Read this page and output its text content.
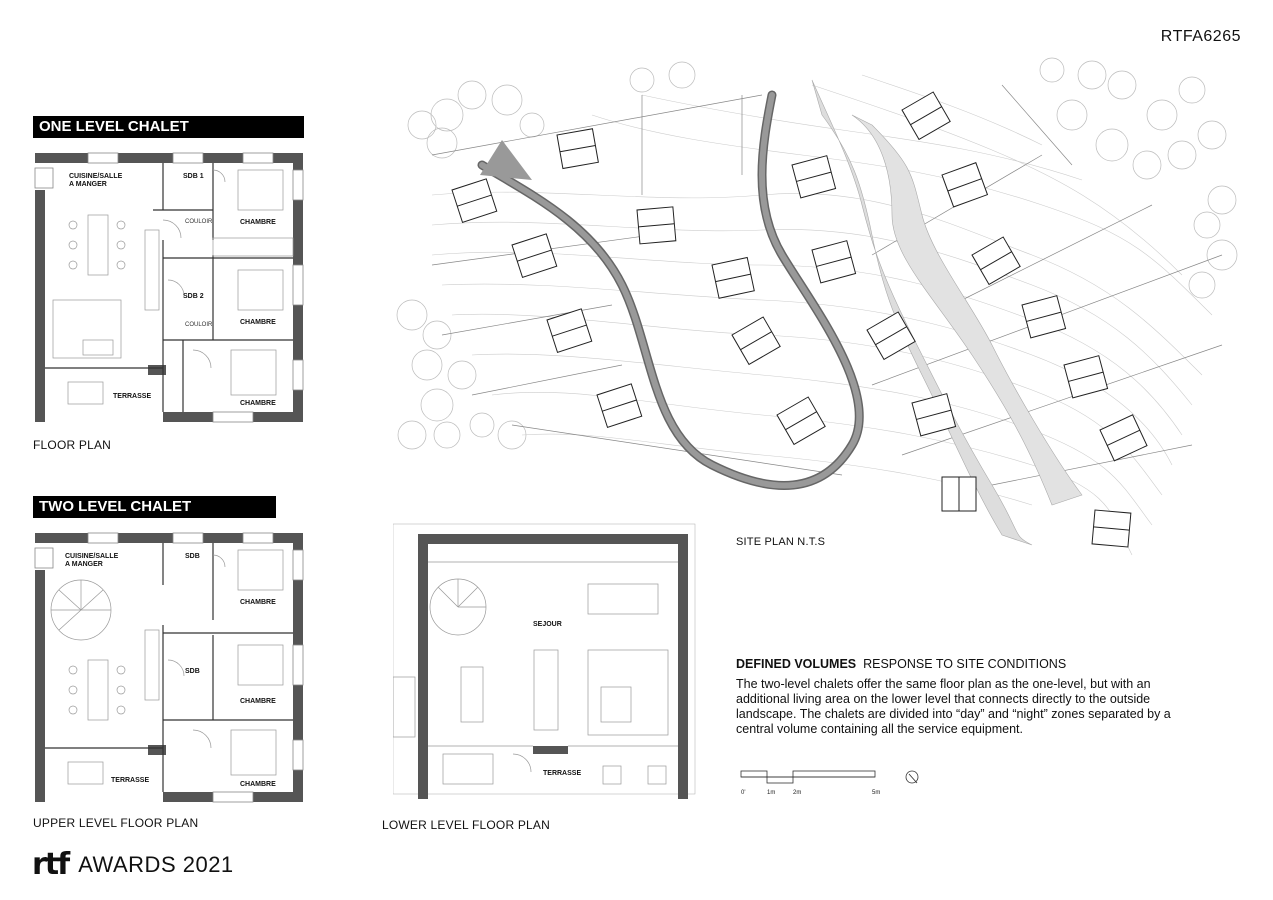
RTFA6265
ONE LEVEL CHALET
CUISINE/SALLE
A MANGER
SDB 1
COULOIR	CHAMBRE
SDB 2
COULOIR	CHAMBRE
CHAMBRE
TERRASSE
FLOOR PLAN
TWO LEVEL CHALET
CUISINE/SALLE
A MANGER
SDB
CHAMBRE
SDB
CHAMBRE
CHAMBRE
TERRASSE
UPPER LEVEL FLOOR PLAN
SEJOUR
TERRASSE
LOWER LEVEL FLOOR PLAN
SITE PLAN N.T.S
DEFINED VOLUMES RESPONSE TO SITE CONDITIONS
The two-level chalets offer the same floor plan as the one-level, but with an additional living area on the lower level that connects directly to the outside landscape. The chalets are divided into “day” and “night” zones separated by a central volume containing all the service equipment.
0'	1m	2m	5m
rtf AWARDS 2021
